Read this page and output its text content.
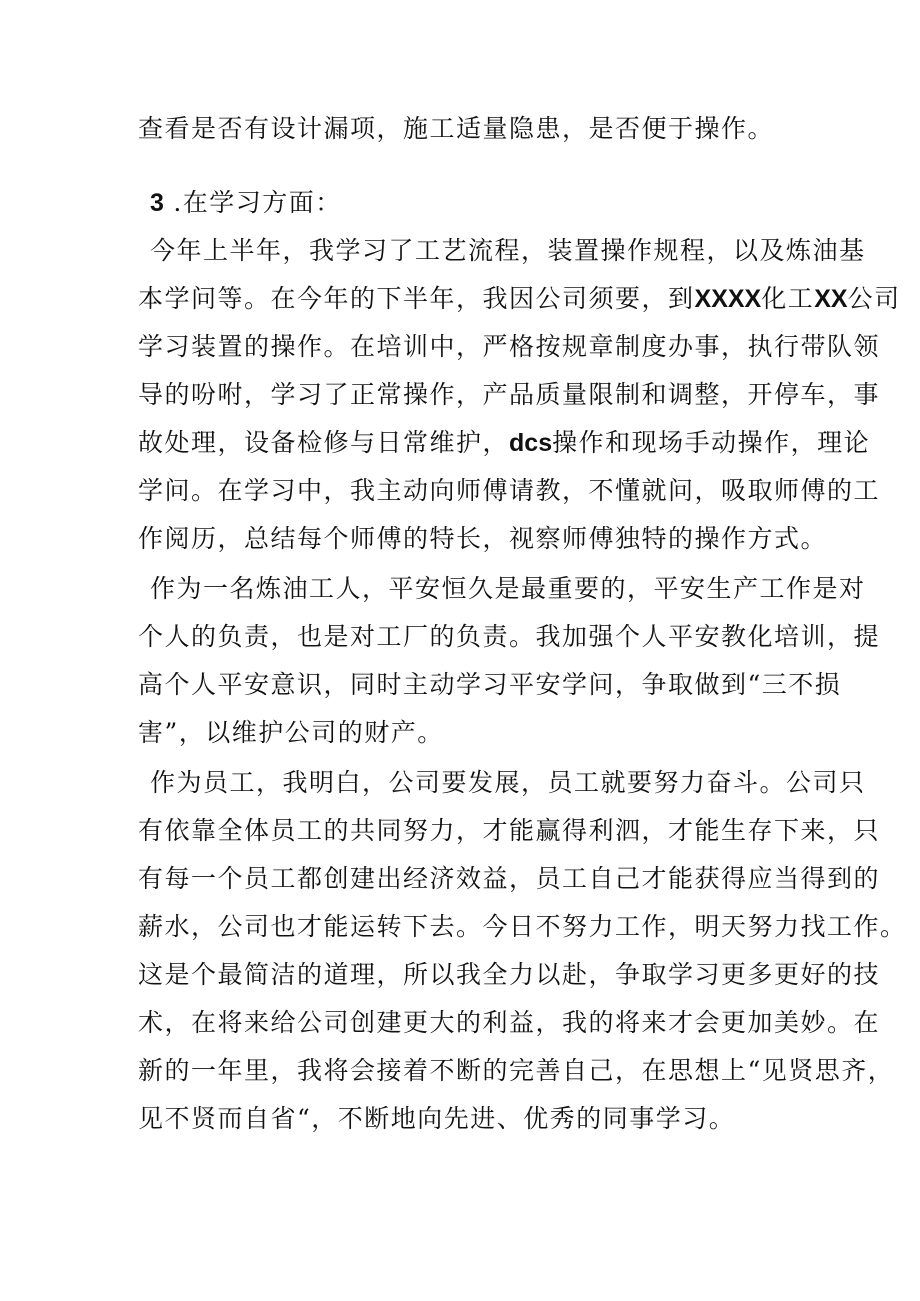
查看是否有设计漏项，施工适量隐患，是否便于操作。
3 .在学习方面：
今年上半年，我学习了工艺流程，装置操作规程，以及炼油基
本学问等。在今年的下半年，我因公司须要，到XXXX化工XX公司
学习装置的操作。在培训中，严格按规章制度办事，执行带队领
导的吩咐，学习了正常操作，产品质量限制和调整，开停车，事
故处理，设备检修与日常维护，dcs操作和现场手动操作，理论
学问。在学习中，我主动向师傅请教，不懂就问，吸取师傅的工
作阅历，总结每个师傅的特长，视察师傅独特的操作方式。
作为一名炼油工人，平安恒久是最重要的，平安生产工作是对
个人的负责，也是对工厂的负责。我加强个人平安教化培训，提
高个人平安意识，同时主动学习平安学问，争取做到“三不损
害”，以维护公司的财产。
作为员工，我明白，公司要发展，员工就要努力奋斗。公司只
有依靠全体员工的共同努力，才能赢得利泗，才能生存下来，只
有每一个员工都创建出经济效益，员工自己才能获得应当得到的
薪水，公司也才能运转下去。今日不努力工作，明天努力找工作。
这是个最简洁的道理，所以我全力以赴，争取学习更多更好的技
术，在将来给公司创建更大的利益，我的将来才会更加美妙。在
新的一年里，我将会接着不断的完善自己，在思想上“见贤思齐，
见不贤而自省“，不断地向先进、优秀的同事学习。
